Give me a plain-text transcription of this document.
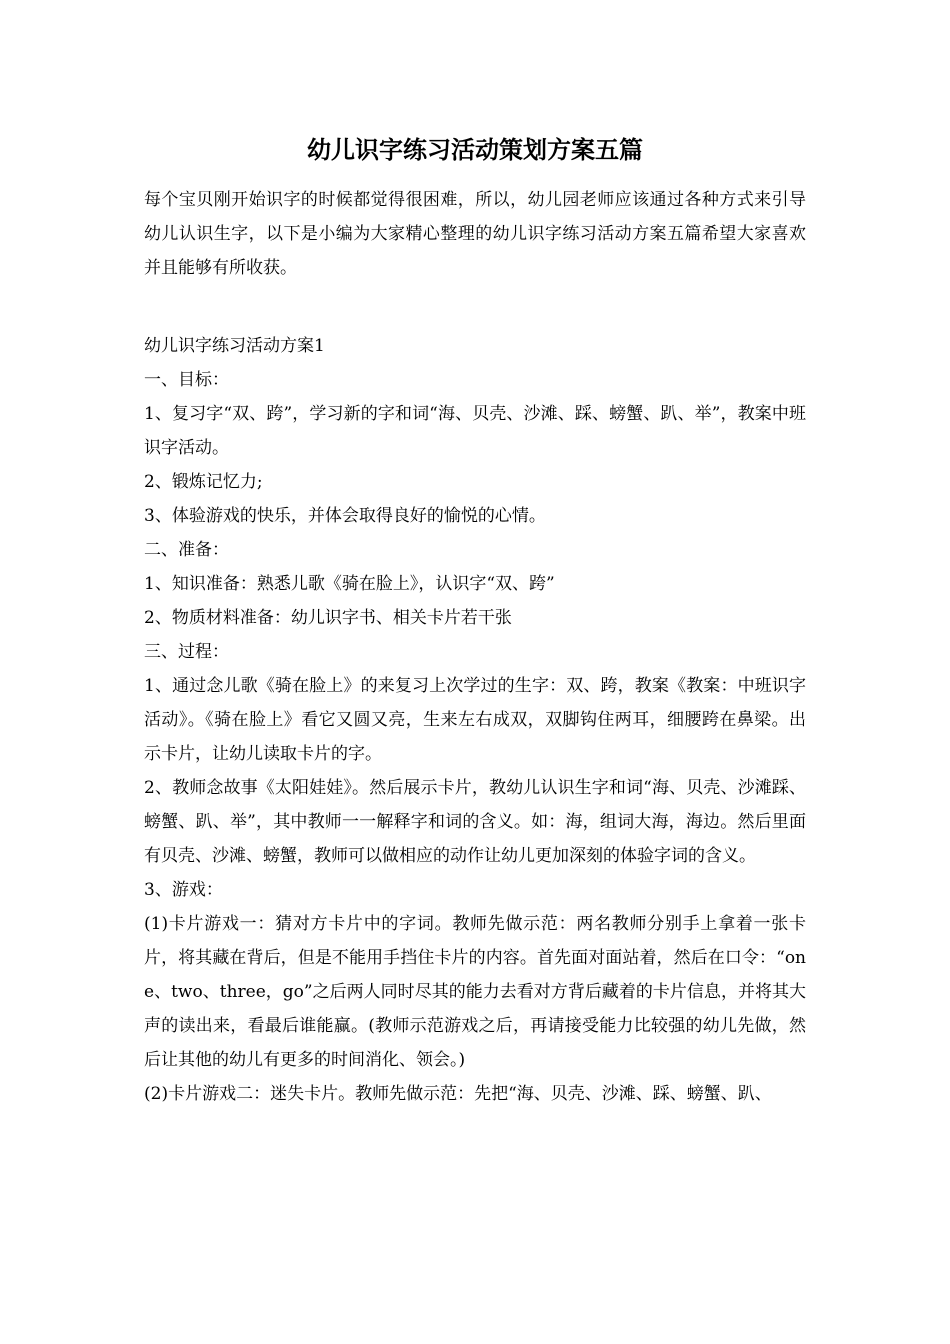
幼儿识字练习活动策划方案五篇

每个宝贝刚开始识字的时候都觉得很困难，所以，幼儿园老师应该通过各种方式来引导幼儿认识生字，以下是小编为大家精心整理的幼儿识字练习活动方案五篇希望大家喜欢并且能够有所收获。

幼儿识字练习活动方案1

一、目标：

1、复习字“双、跨”，学习新的字和词“海、贝壳、沙滩、踩、螃蟹、趴、举”，教案中班识字活动。

2、锻炼记忆力;

3、体验游戏的快乐，并体会取得良好的愉悦的心情。

二、准备：

1、知识准备：熟悉儿歌《骑在脸上》，认识字“双、跨”

2、物质材料准备：幼儿识字书、相关卡片若干张

三、过程：

1、通过念儿歌《骑在脸上》的来复习上次学过的生字：双、跨，教案《教案：中班识字活动》。《骑在脸上》看它又圆又亮，生来左右成双，双脚钩住两耳，细腰跨在鼻梁。出示卡片，让幼儿读取卡片的字。

2、教师念故事《太阳娃娃》。然后展示卡片，教幼儿认识生字和词“海、贝壳、沙滩踩、螃蟹、趴、举”，其中教师一一解释字和词的含义。如：海，组词大海，海边。然后里面有贝壳、沙滩、螃蟹，教师可以做相应的动作让幼儿更加深刻的体验字词的含义。

3、游戏：

(1)卡片游戏一：猜对方卡片中的字词。教师先做示范：两名教师分别手上拿着一张卡片，将其藏在背后，但是不能用手挡住卡片的内容。首先面对面站着，然后在口令：“one、two、three，go”之后两人同时尽其的能力去看对方背后藏着的卡片信息，并将其大声的读出来，看最后谁能赢。(教师示范游戏之后，再请接受能力比较强的幼儿先做，然后让其他的幼儿有更多的时间消化、领会。)

(2)卡片游戏二：迷失卡片。教师先做示范：先把“海、贝壳、沙滩、踩、螃蟹、趴、
